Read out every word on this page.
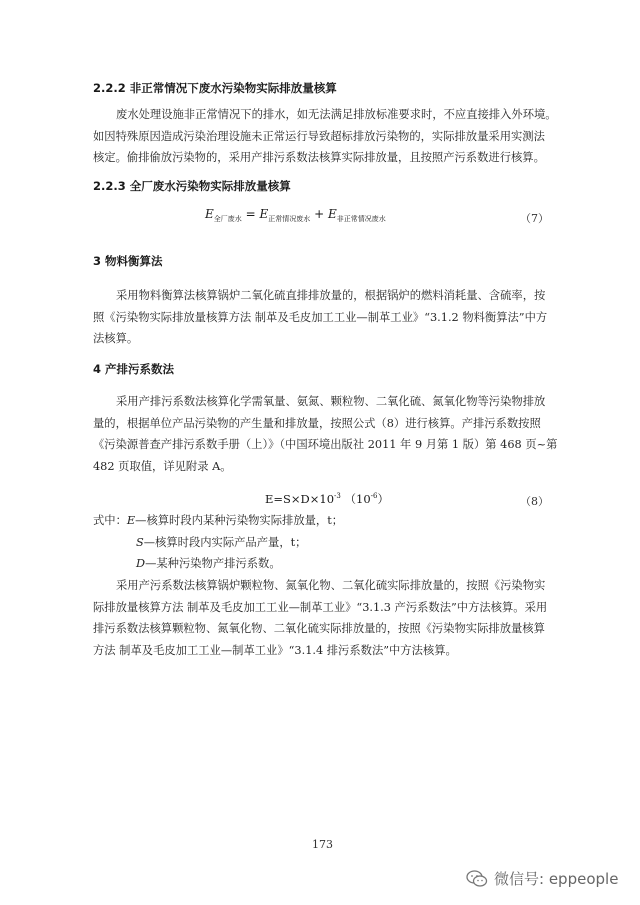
2.2.2 非正常情况下废水污染物实际排放量核算
废水处理设施非正常情况下的排水，如无法满足排放标准要求时，不应直接排入外环境。
如因特殊原因造成污染治理设施未正常运行导致超标排放污染物的，实际排放量采用实测法
核定。偷排偷放污染物的，采用产排污系数法核算实际排放量，且按照产污系数进行核算。
2.2.3 全厂废水污染物实际排放量核算
$E_{全厂废水} = E_{正常情况废水} + E_{非正常情况废水}$	（7）
3 物料衡算法
采用物料衡算法核算锅炉二氧化硫直排排放量的，根据锅炉的燃料消耗量、含硫率，按
照《污染物实际排放量核算方法 制革及毛皮加工工业—制革工业》“3.1.2 物料衡算法”中方
法核算。
4 产排污系数法
采用产排污系数法核算化学需氧量、氨氮、颗粒物、二氧化硫、氮氧化物等污染物排放
量的，根据单位产品污染物的产生量和排放量，按照公式（8）进行核算。产排污系数按照
《污染源普查产排污系数手册（上）》（中国环境出版社 2011 年 9 月第 1 版）第 468 页~第
482 页取值，详见附录 A。
$E=S\times D\times 10^{-3}$ $(10^{-6})$	（8）
式中：E—核算时段内某种污染物实际排放量，t；
S—核算时段内实际产品产量，t；
D—某种污染物产排污系数。
采用产污系数法核算锅炉颗粒物、氮氧化物、二氧化硫实际排放量的，按照《污染物实
际排放量核算方法 制革及毛皮加工工业—制革工业》“3.1.3 产污系数法”中方法核算。采用
排污系数法核算颗粒物、氮氧化物、二氧化硫实际排放量的，按照《污染物实际排放量核算
方法 制革及毛皮加工工业—制革工业》“3.1.4 排污系数法”中方法核算。
173
微信号: eppeople
